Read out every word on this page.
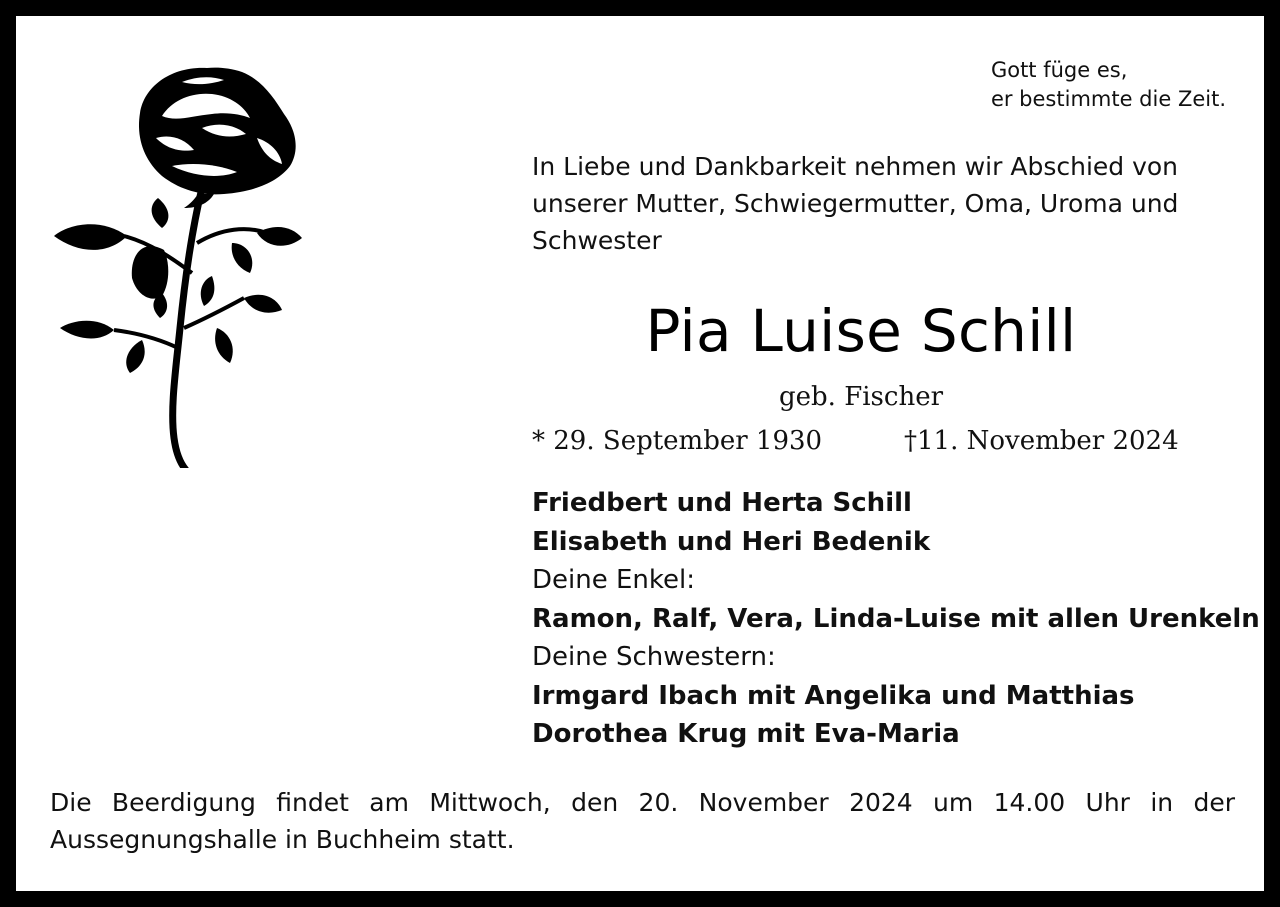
Gott füge es,
er bestimmte die Zeit.
In Liebe und Dankbarkeit nehmen wir Abschied von unserer Mutter, Schwiegermutter, Oma, Uroma und Schwester
Pia Luise Schill
geb. Fischer
* 29. September 1930	†11. November 2024
Friedbert und Herta Schill
Elisabeth und Heri Bedenik
Deine Enkel:
Ramon, Ralf, Vera, Linda-Luise mit allen Urenkeln
Deine Schwestern:
Irmgard Ibach mit Angelika und Matthias
Dorothea Krug mit Eva-Maria
Die Beerdigung findet am Mittwoch, den 20. November 2024 um 14.00 Uhr in der Aussegnungshalle in Buchheim statt.
